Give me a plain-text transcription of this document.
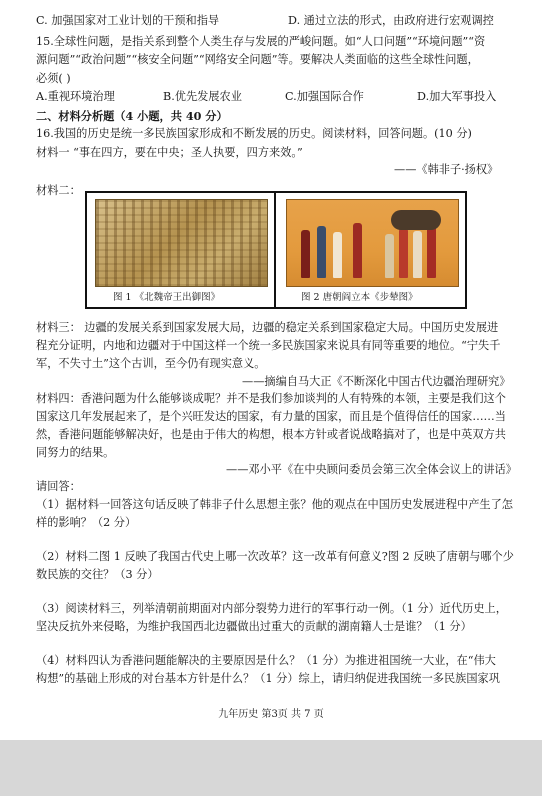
C. 加强国家对工业计划的干预和指导	D. 通过立法的形式，由政府进行宏观调控
15.全球性问题，是指关系到整个人类生存与发展的严峻问题。如“人口问题”“环境问题”“资
源问题”“政治问题”“核安全问题”“网络安全问题”等。要解决人类面临的这些全球性问题，
必须( )
A.重视环境治理	B.优先发展农业	C.加强国际合作	D.加大军事投入
二、材料分析题（4 小题，共 40 分）
16.我国的历史是统一多民族国家形成和不断发展的历史。阅读材料，回答问题。(10 分)
材料一 “事在四方，要在中央；圣人执要，四方来效。”
——《韩非子·扬权》
材料二：
材料三： 边疆的发展关系到国家发展大局，边疆的稳定关系到国家稳定大局。中国历史发展进
程充分证明，内地和边疆对于中国这样一个统一多民族国家来说具有同等重要的地位。“宁失千
军，不失寸土”这个古训，至今仍有现实意义。
——摘编自马大正《不断深化中国古代边疆治理研究》
材料四：香港问题为什么能够谈成呢？并不是我们参加谈判的人有特殊的本领，主要是我们这个
国家这几年发展起来了，是个兴旺发达的国家，有力量的国家，而且是个值得信任的国家……当
然，香港问题能够解决好，也是由于伟大的构想，根本方针或者说战略搞对了，也是中英双方共
同努力的结果。
——邓小平《在中央顾问委员会第三次全体会议上的讲话》
请回答：
（1）据材料一回答这句话反映了韩非子什么思想主张？他的观点在中国历史发展进程中产生了怎
样的影响？（2 分）
（2）材料二图 1 反映了我国古代史上哪一次改革？这一改革有何意义?图 2 反映了唐朝与哪个少
数民族的交往？（3 分）
（3）阅读材料三，列举清朝前期面对内部分裂势力进行的军事行动一例。（1 分）近代历史上，
坚决反抗外来侵略，为维护我国西北边疆做出过重大的贡献的湖南籍人士是谁？（1 分）
（4）材料四认为香港问题能解决的主要原因是什么？（1 分）为推进祖国统一大业，在“伟大
构想”的基础上形成的对台基本方针是什么？（1 分）综上，请归纳促进我国统一多民族国家巩
图 1 《北魏帝王出御图》	图 2 唐朝阎立本《步辇图》
九年历史 第3页 共 7 页
